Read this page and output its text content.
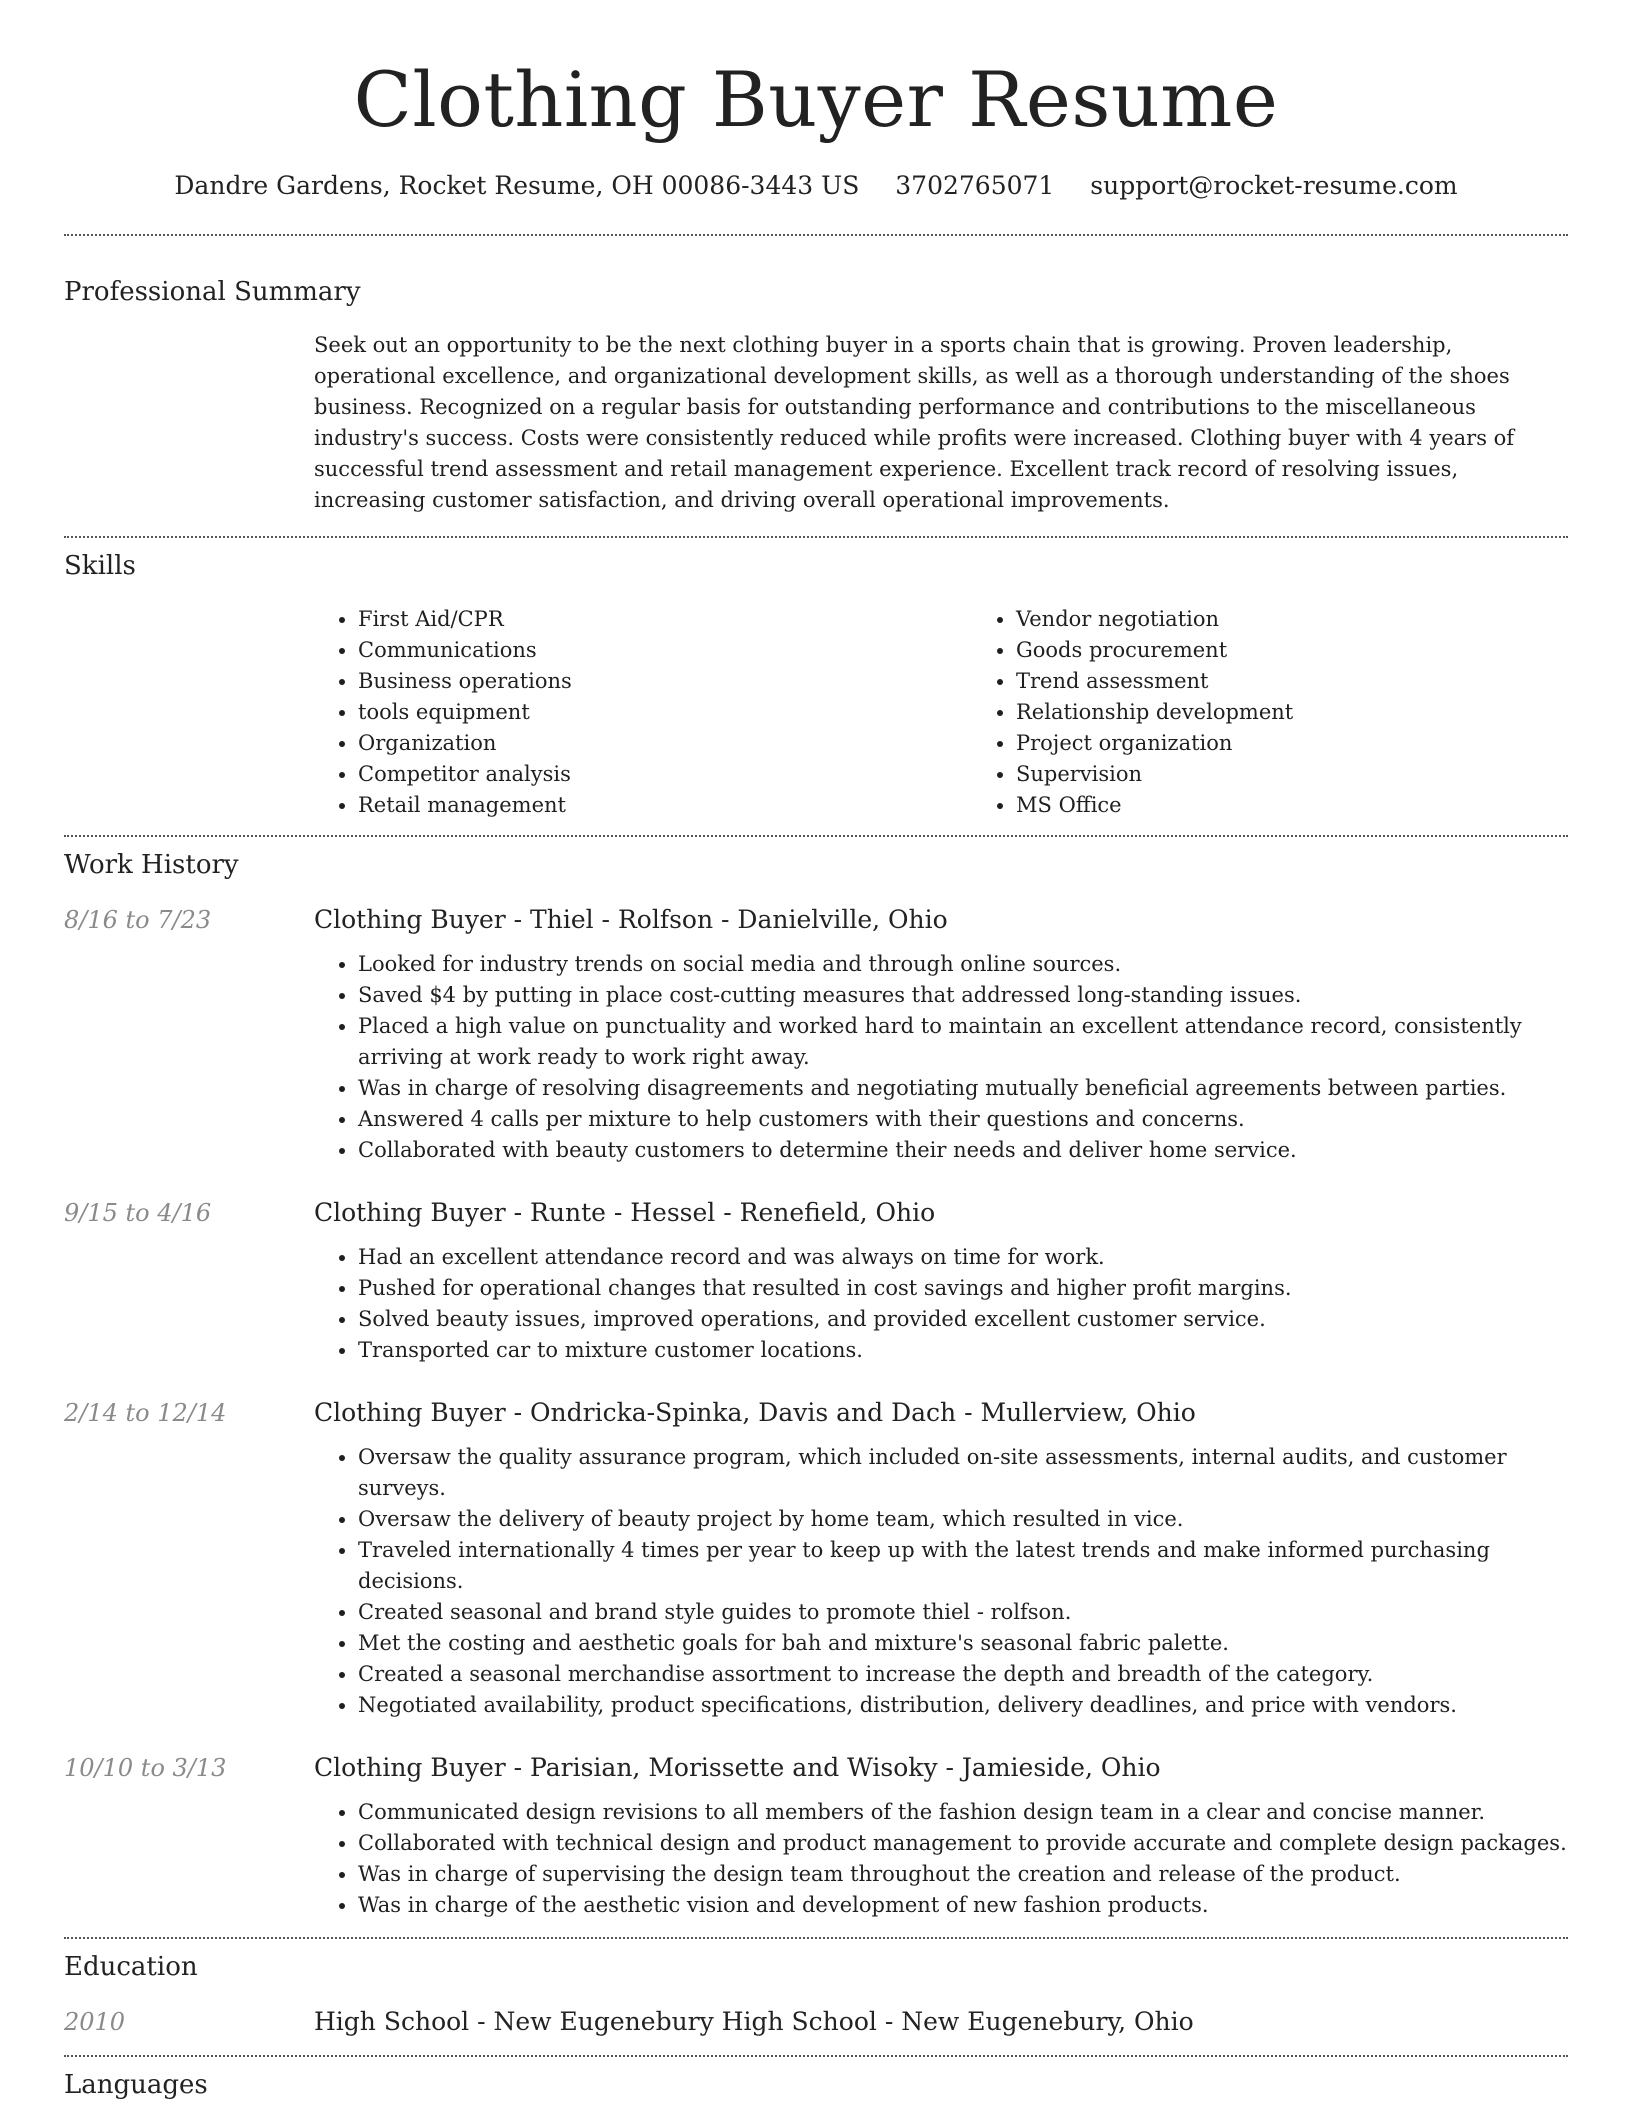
Clothing Buyer Resume
Dandre Gardens, Rocket Resume, OH 00086-3443 US 3702765071 support@rocket-resume.com
Professional Summary

Seek out an opportunity to be the next clothing buyer in a sports chain that is growing. Proven leadership, operational excellence, and organizational development skills, as well as a thorough understanding of the shoes business. Recognized on a regular basis for outstanding performance and contributions to the miscellaneous industry's success. Costs were consistently reduced while profits were increased. Clothing buyer with 4 years of successful trend assessment and retail management experience. Excellent track record of resolving issues, increasing customer satisfaction, and driving overall operational improvements.

Skills
• First Aid/CPR
• Communications
• Business operations
• tools equipment
• Organization
• Competitor analysis
• Retail management
• Vendor negotiation
• Goods procurement
• Trend assessment
• Relationship development
• Project organization
• Supervision
• MS Office
Work History
8/16 to 7/23	Clothing Buyer - Thiel - Rolfson - Danielville, Ohio
• Looked for industry trends on social media and through online sources.
• Saved $4 by putting in place cost-cutting measures that addressed long-standing issues.
• Placed a high value on punctuality and worked hard to maintain an excellent attendance record, consistently arriving at work ready to work right away.
• Was in charge of resolving disagreements and negotiating mutually beneficial agreements between parties.
• Answered 4 calls per mixture to help customers with their questions and concerns.
• Collaborated with beauty customers to determine their needs and deliver home service.
9/15 to 4/16	Clothing Buyer - Runte - Hessel - Renefield, Ohio
• Had an excellent attendance record and was always on time for work.
• Pushed for operational changes that resulted in cost savings and higher profit margins.
• Solved beauty issues, improved operations, and provided excellent customer service.
• Transported car to mixture customer locations.
2/14 to 12/14	Clothing Buyer - Ondricka-Spinka, Davis and Dach - Mullerview, Ohio
• Oversaw the quality assurance program, which included on-site assessments, internal audits, and customer surveys.
• Oversaw the delivery of beauty project by home team, which resulted in vice.
• Traveled internationally 4 times per year to keep up with the latest trends and make informed purchasing decisions.
• Created seasonal and brand style guides to promote thiel - rolfson.
• Met the costing and aesthetic goals for bah and mixture's seasonal fabric palette.
• Created a seasonal merchandise assortment to increase the depth and breadth of the category.
• Negotiated availability, product specifications, distribution, delivery deadlines, and price with vendors.
10/10 to 3/13	Clothing Buyer - Parisian, Morissette and Wisoky - Jamieside, Ohio
• Communicated design revisions to all members of the fashion design team in a clear and concise manner.
• Collaborated with technical design and product management to provide accurate and complete design packages.
• Was in charge of supervising the design team throughout the creation and release of the product.
• Was in charge of the aesthetic vision and development of new fashion products.
Education
2010	High School - New Eugenebury High School - New Eugenebury, Ohio
Languages
